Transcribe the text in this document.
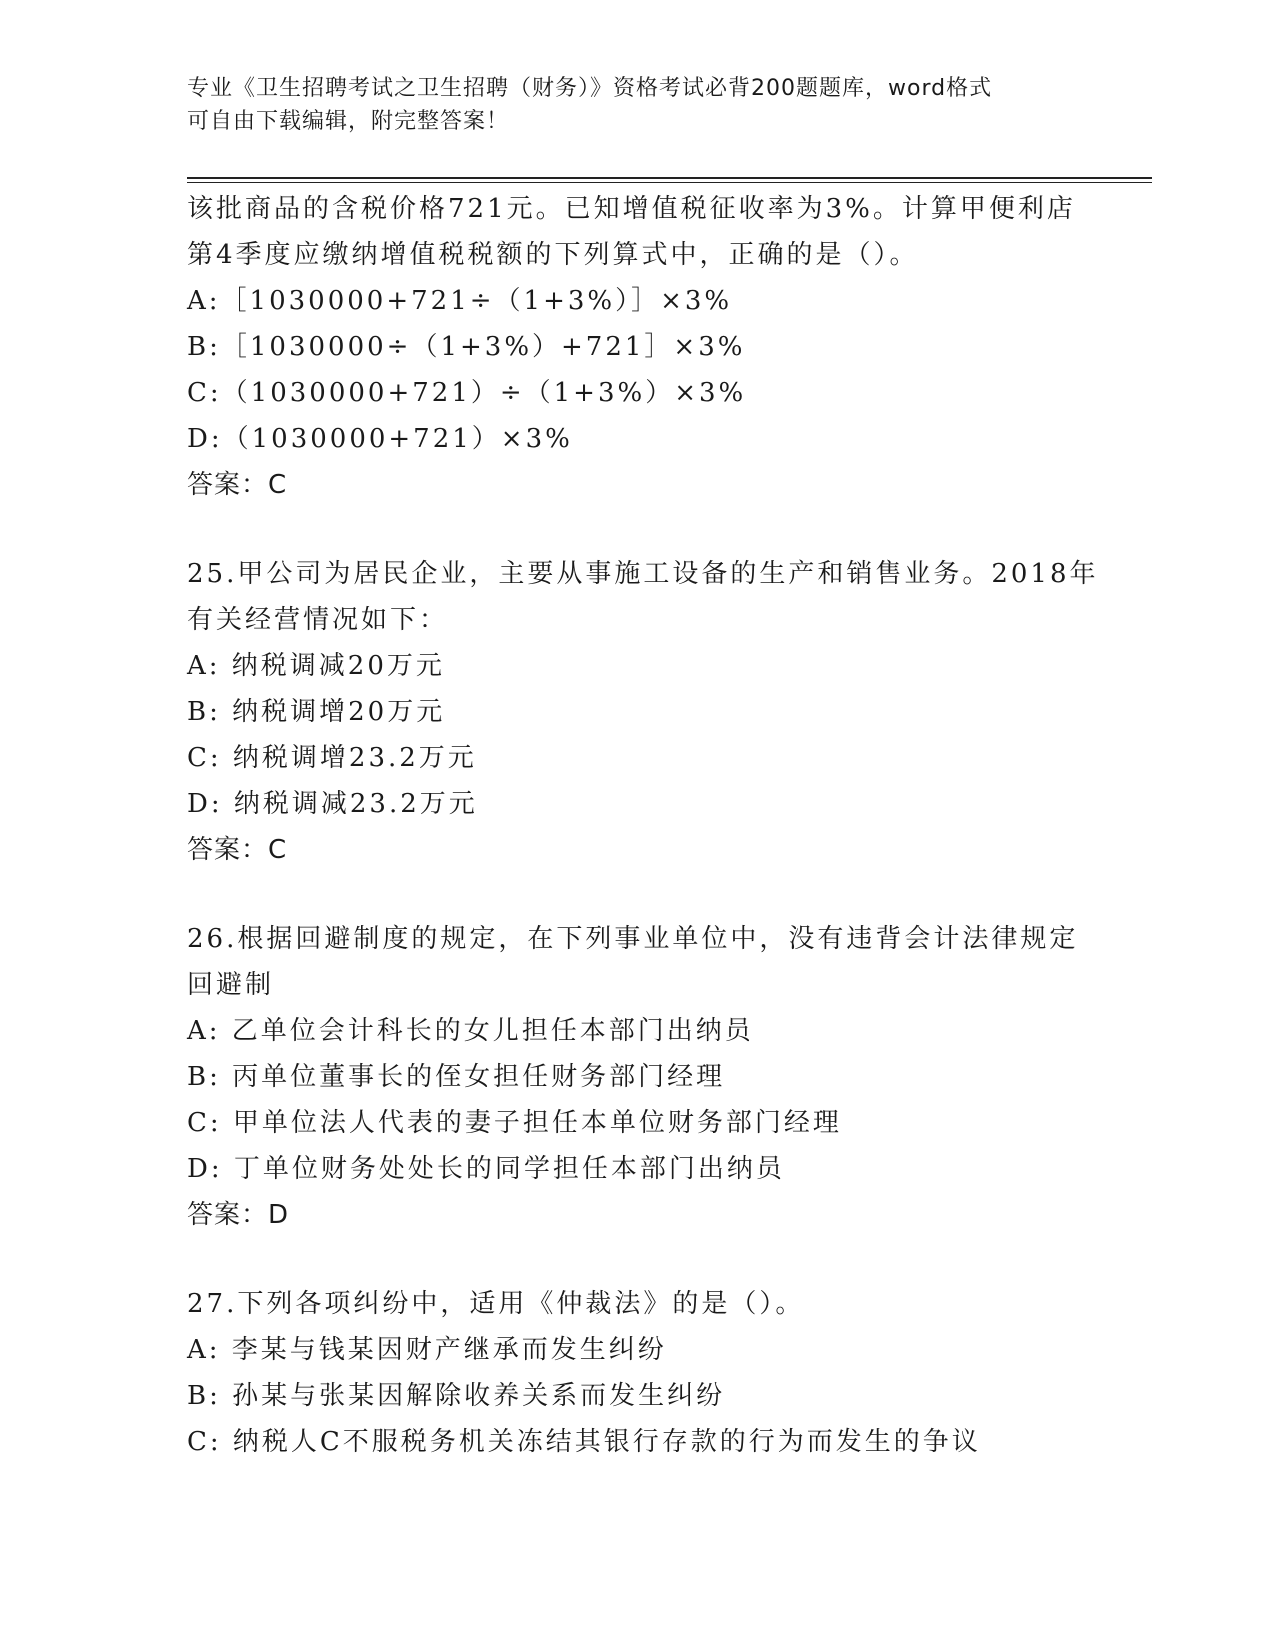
专业《卫生招聘考试之卫生招聘（财务）》资格考试必背200题题库，word格式
可自由下载编辑，附完整答案！
该批商品的含税价格721元。已知增值税征收率为3%。计算甲便利店
第4季度应缴纳增值税税额的下列算式中，正确的是（）。
A:［1030000+721÷（1+3%）］×3%
B:［1030000÷（1+3%）+721］×3%
C:（1030000+721）÷（1+3%）×3%
D:（1030000+721）×3%
答案：C
25.甲公司为居民企业，主要从事施工设备的生产和销售业务。2018年
有关经营情况如下：
A: 纳税调减20万元
B: 纳税调增20万元
C: 纳税调增23.2万元
D: 纳税调减23.2万元
答案：C
26.根据回避制度的规定，在下列事业单位中，没有违背会计法律规定
回避制
A: 乙单位会计科长的女儿担任本部门出纳员
B: 丙单位董事长的侄女担任财务部门经理
C: 甲单位法人代表的妻子担任本单位财务部门经理
D: 丁单位财务处处长的同学担任本部门出纳员
答案：D
27.下列各项纠纷中，适用《仲裁法》的是（）。
A: 李某与钱某因财产继承而发生纠纷
B: 孙某与张某因解除收养关系而发生纠纷
C: 纳税人C不服税务机关冻结其银行存款的行为而发生的争议
